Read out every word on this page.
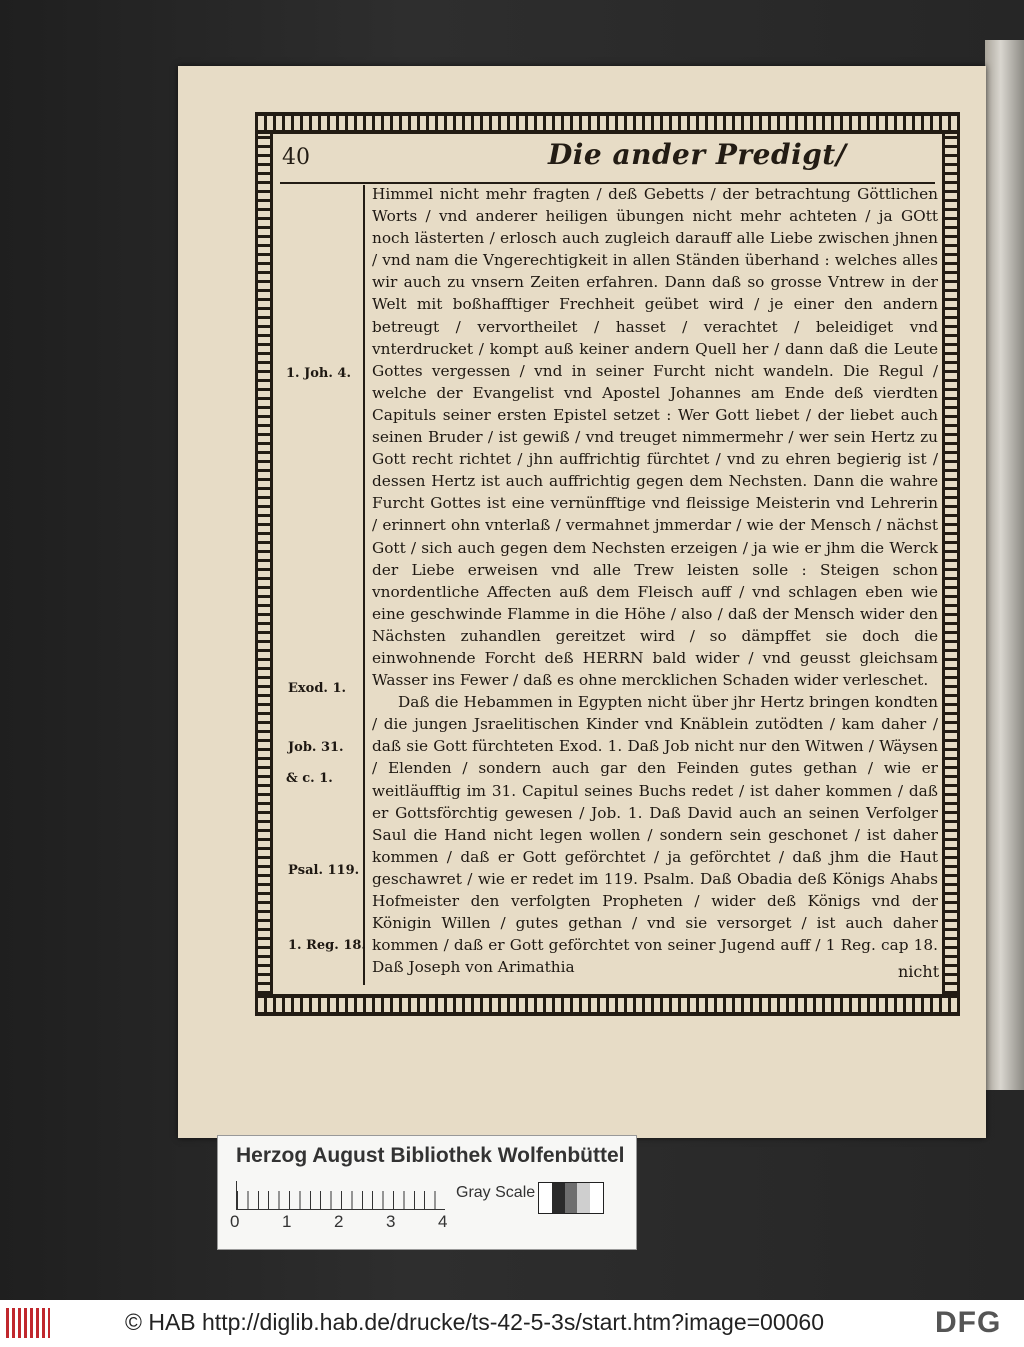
40	Die ander Predigt/

Himmel nicht mehr fragten / deß Gebetts / der betrachtung Göttlichen Worts / vnd anderer heiligen übungen nicht mehr achteten / ja GOtt noch lästerten / erlosch auch zugleich darauff alle Liebe zwischen jhnen / vnd nam die Vngerechtigkeit in allen Ständen überhand : welches alles wir auch zu vnsern Zeiten erfahren. Dann daß so grosse Vntrew in der Welt mit boßhafftiger Frechheit geübet wird / je einer den andern betreugt / vervortheilet / hasset / verachtet / beleidiget vnd vnterdrucket / kompt auß keiner andern Quell her / dann daß die Leute Gottes vergessen / vnd in seiner Furcht nicht wandeln. Die Regul / welche der Evangelist vnd Apostel Johannes am Ende deß vierdten Capituls seiner ersten Epistel setzet : Wer Gott liebet / der liebet auch seinen Bruder / ist gewiß / vnd treuget nimmermehr / wer sein Hertz zu Gott recht richtet / jhn auffrichtig fürchtet / vnd zu ehren begierig ist / dessen Hertz ist auch auffrichtig gegen dem Nechsten. Dann die wahre Furcht Gottes ist eine vernünfftige vnd fleissige Meisterin vnd Lehrerin / erinnert ohn vnterlaß / vermahnet jmmerdar / wie der Mensch / nächst Gott / sich auch gegen dem Nechsten erzeigen / ja wie er jhm die Werck der Liebe erweisen vnd alle Trew leisten solle : Steigen schon vnordentliche Affecten auß dem Fleisch auff / vnd schlagen eben wie eine geschwinde Flamme in die Höhe / also / daß der Mensch wider den Nächsten zuhandlen gereitzet wird / so dämpffet sie doch die einwohnende Forcht deß HERRN bald wider / vnd geusst gleichsam Wasser ins Fewer / daß es ohne mercklichen Schaden wider verleschet.

Daß die Hebammen in Egypten nicht über jhr Hertz bringen kondten / die jungen Jsraelitischen Kinder vnd Knäblein zutödten / kam daher / daß sie Gott fürchteten Exod. 1. Daß Job nicht nur den Witwen / Wäysen / Elenden / sondern auch gar den Feinden gutes gethan / wie er weitläufftig im 31. Capitul seines Buchs redet / ist daher kommen / daß er Gottsförchtig gewesen / Job. 1. Daß David auch an seinen Verfolger Saul die Hand nicht legen wollen / sondern sein geschonet / ist daher kommen / daß er Gott geförchtet / ja geförchtet / daß jhm die Haut geschawret / wie er redet im 119. Psalm. Daß Obadia deß Königs Ahabs Hofmeister den verfolgten Propheten / wider deß Königs vnd der Königin Willen / gutes gethan / vnd sie versorget / ist auch daher kommen / daß er Gott geförchtet von seiner Jugend auff / 1 Reg. cap 18. Daß Joseph von Arimathia

1. Joh. 4.
Exod. 1.
Job. 31.
& c. 1.
Psal. 119.
1. Reg. 18.
nicht
Herzog August Bibliothek Wolfenbüttel
0	1	2	3	4
Gray Scale
© HAB http://diglib.hab.de/drucke/ts-42-5-3s/start.htm?image=00060	DFG
